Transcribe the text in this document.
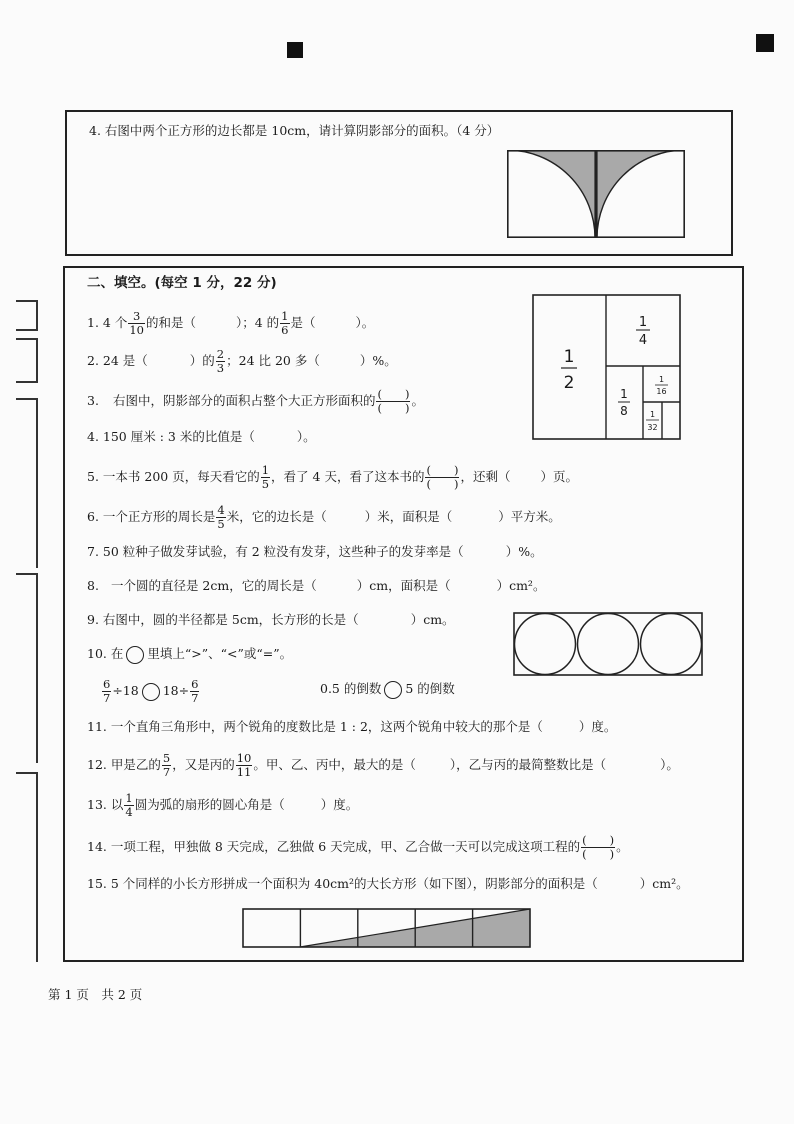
4. 右图中两个正方形的边长都是 10cm，请计算阴影部分的面积。（4 分）
二、填空。(每空 1 分，22 分)
1. 4 个 $\frac{3}{10}$ 的和是（	）；4 的 $\frac{1}{6}$ 是（	）。
2. 24 是（	）的 $\frac{2}{3}$ ；24 比 20 多（	）%。
3. 右图中，阴影部分的面积占整个大正方形面积的 $\frac{( )}{( )}$ 。
4. 150 厘米 : 3 米的比值是（	）。
5. 一本书 200 页，每天看它的 $\frac{1}{5}$ ，看了 4 天，看了这本书的 $\frac{( )}{( )}$ ，还剩（ ）页。
6. 一个正方形的周长是 $\frac{4}{5}$ 米，它的边长是（	）米，面积是（	）平方米。
7. 50 粒种子做发芽试验，有 2 粒没有发芽，这些种子的发芽率是（	）%。
8. 一个圆的直径是 2cm，它的周长是（	）cm，面积是（	）cm²。
9. 右图中，圆的半径都是 5cm，长方形的长是（	）cm。
10. 在 里填上“>”、“<”或“=”。
$\frac{6}{7} \div 18$ $18\div \frac{6}{7}$	0.5 的倒数 5 的倒数
11. 一个直角三角形中，两个锐角的度数比是 1 : 2，这两个锐角中较大的那个是（	）度。
12. 甲是乙的 $\frac{5}{7}$ ，又是丙的 $\frac{10}{11}$ 。甲、乙、丙中，最大的是（	），乙与丙的最简整数比是（	）。
13. 以 $\frac{1}{4}$ 圆为弧的扇形的圆心角是（	）度。
14. 一项工程，甲独做 8 天完成，乙独做 6 天完成，甲、乙合做一天可以完成这项工程的 $\frac{( )}{( )}$ 。
15. 5 个同样的小长方形拼成一个面积为 40cm²的大长方形（如下图），阴影部分的面积是（	）cm²。
1
2
1
4
1
8
1
16
1
32
第 1 页　共 2 页
